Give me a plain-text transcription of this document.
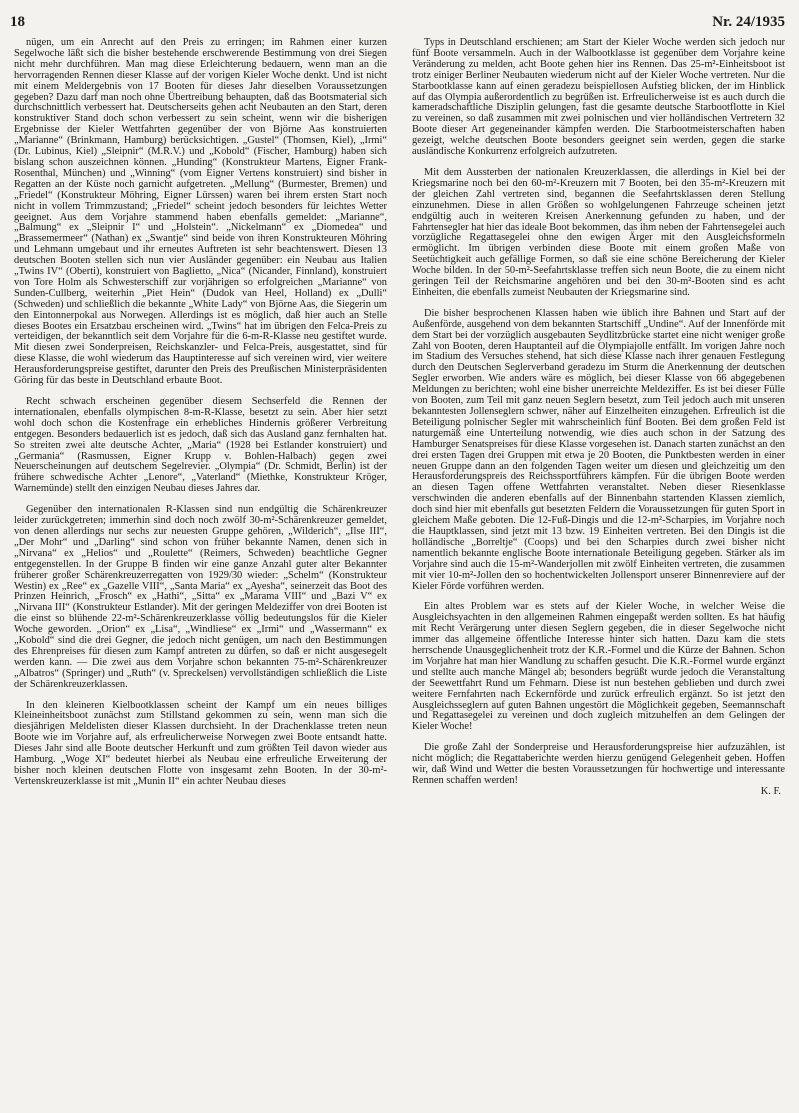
18	Nr. 24/1935

nügen, um ein Anrecht auf den Preis zu erringen; im Rahmen einer kurzen Segelwoche läßt sich die bisher bestehende erschwerende Bestimmung von drei Siegen nicht mehr durchführen. Man mag diese Erleichterung bedauern, wenn man an die hervorragenden Rennen dieser Klasse auf der vorigen Kieler Woche denkt. Und ist nicht mit einem Meldergebnis von 17 Booten für dieses Jahr dieselben Voraussetzungen gegeben? Dazu darf man noch ohne Übertreibung behaupten, daß das Bootsmaterial sich durchschnittlich verbessert hat. Deutscherseits gehen acht Neubauten an den Start, deren konstruktiver Stand doch schon verbessert zu sein scheint, wenn wir die bisherigen Ergebnisse der Kieler Wettfahrten gegenüber der von Björne Aas konstruierten „Marianne“ (Brinkmann, Hamburg) berücksichtigen. „Gustel“ (Thomsen, Kiel), „Irmi“ (Dr. Lubinus, Kiel) „Sleipnir“ (M.R.V.) und „Kobold“ (Fischer, Hamburg) haben sich bislang schon auszeichnen können. „Hunding“ (Konstrukteur Martens, Eigner Frank-Rosenthal, München) und „Winning“ (vom Eigner Vertens konstruiert) sind bisher in Regatten an der Küste noch garnicht aufgetreten. „Mellung“ (Burmester, Bremen) und „Friedel“ (Konstrukteur Möhring, Eigner Lürssen) waren bei ihrem ersten Start noch nicht in vollem Trimmzustand; „Friedel“ scheint jedoch besonders für leichtes Wetter geeignet. Aus dem Vorjahre stammend haben ebenfalls gemeldet: „Marianne“, „Balmung“ ex „Sleipnir I“ und „Holstein“. „Nickelmann“ ex „Diomedea“ und „Brassemermeer“ (Nathan) ex „Swantje“ sind beide von ihren Konstrukteuren Möhring und Lehmann umgebaut und ihr erneutes Auftreten ist sehr beachtenswert. Diesen 13 deutschen Booten stellen sich nun vier Ausländer gegenüber: ein Neubau aus Italien „Twins IV“ (Oberti), konstruiert von Baglietto, „Nica“ (Nicander, Finnland), konstruiert von Tore Holm als Schwesterschiff zur vorjährigen so erfolgreichen „Marianne“ von Sunden-Cullberg, weiterhin „Piet Hein“ (Dudok van Heel, Holland) ex „Dulli“ (Schweden) und schließlich die bekannte „White Lady“ von Björne Aas, die Siegerin um den Eintonnerpokal aus Norwegen. Allerdings ist es möglich, daß hier auch an Stelle dieses Bootes ein Ersatzbau erscheinen wird. „Twins“ hat im übrigen den Felca-Preis zu verteidigen, der bekanntlich seit dem Vorjahre für die 6-m-R-Klasse neu gestiftet wurde. Mit diesen zwei Sonderpreisen, Reichskanzler- und Felca-Preis, ausgestattet, sind für diese Klasse, die wohl wiederum das Hauptinteresse auf sich vereinen wird, vier weitere Herausforderungspreise gestiftet, darunter den Preis des Preußischen Ministerpräsidenten Göring für das beste in Deutschland erbaute Boot.

Recht schwach erscheinen gegenüber diesem Sechserfeld die Rennen der internationalen, ebenfalls olympischen 8-m-R-Klasse, besetzt zu sein. Aber hier setzt wohl doch schon die Kostenfrage ein erhebliches Hindernis größerer Verbreitung entgegen. Besonders bedauerlich ist es jedoch, daß sich das Ausland ganz fernhalten hat. So streiten zwei alte deutsche Achter, „Maria“ (1928 bei Estlander konstruiert) und „Germania“ (Rasmussen, Eigner Krupp v. Bohlen-Halbach) gegen zwei Neuerscheinungen auf deutschem Segelrevier. „Olympia“ (Dr. Schmidt, Berlin) ist der frühere schwedische Achter „Lenore“, „Vaterland“ (Miethke, Konstrukteur Kröger, Warnemünde) stellt den einzigen Neubau dieses Jahres dar.

Gegenüber den internationalen R-Klassen sind nun endgültig die Schärenkreuzer leider zurückgetreten; immerhin sind doch noch zwölf 30-m²-Schärenkreuzer gemeldet, von denen allerdings nur sechs zur neuesten Gruppe gehören, „Wilderich“, „Ilse III“, „Der Mohr“ und „Darling“ sind schon von früher bekannte Namen, denen sich in „Nirvana“ ex „Helios“ und „Roulette“ (Reimers, Schweden) beachtliche Gegner entgegenstellen. In der Gruppe B finden wir eine ganze Anzahl guter alter Bekannter früherer großer Schärenkreuzerregatten von 1929/30 wieder: „Schelm“ (Konstrukteur Westin) ex „Ree“ ex „Gazelle VIII“, „Santa Maria“ ex „Ayesha“, seinerzeit das Boot des Prinzen Heinrich, „Frosch“ ex „Hathi“, „Sitta“ ex „Marama VIII“ und „Bazi V“ ex „Nirvana III“ (Konstrukteur Estlander). Mit der geringen Meldeziffer von drei Booten ist die einst so blühende 22-m²-Schärenkreuzerklasse völlig bedeutungslos für die Kieler Woche geworden. „Orion“ ex „Lisa“, „Windliese“ ex „Irmi“ und „Wassermann“ ex „Kobold“ sind die drei Gegner, die jedoch nicht genügen, um nach den Bestimmungen des Ehrenpreises für diesen zum Kampf antreten zu dürfen, so daß er nicht ausgesegelt werden kann. — Die zwei aus dem Vorjahre schon bekannten 75-m²-Schärenkreuzer „Albatros“ (Springer) und „Ruth“ (v. Spreckelsen) vervollständigen schließlich die Liste der Schärenkreuzerklassen.

In den kleineren Kielbootklassen scheint der Kampf um ein neues billiges Kleineinheitsboot zunächst zum Stillstand gekommen zu sein, wenn man sich die diesjährigen Meldelisten dieser Klassen durchsieht. In der Drachenklasse treten neun Boote wie im Vorjahre auf, als erfreulicherweise Norwegen zwei Boote entsandt hatte. Dieses Jahr sind alle Boote deutscher Herkunft und zum größten Teil davon wieder aus Hamburg. „Woge XI“ bedeutet hierbei als Neubau eine erfreuliche Erweiterung der bisher noch kleinen deutschen Flotte von insgesamt zehn Booten. In der 30-m²-Vertenskreuzerklasse ist mit „Munin II“ ein achter Neubau dieses

Typs in Deutschland erschienen; am Start der Kieler Woche werden sich jedoch nur fünf Boote versammeln. Auch in der Walbootklasse ist gegenüber dem Vorjahre keine Veränderung zu melden, acht Boote gehen hier ins Rennen. Das 25-m²-Einheitsboot ist trotz einiger Berliner Neubauten wiederum nicht auf der Kieler Woche vertreten. Nur die Starbootklasse kann auf einen geradezu beispiellosen Aufstieg blicken, der im Hinblick auf das Olympia außerordentlich zu begrüßen ist. Erfreulicherweise ist es auch durch die kameradschaftliche Disziplin gelungen, fast die gesamte deutsche Starbootflotte in Kiel zu vereinen, so daß zusammen mit zwei polnischen und vier holländischen Vertretern 32 Boote dieser Art gegeneinander kämpfen werden. Die Starbootmeisterschaften haben gezeigt, welche deutschen Boote besonders geeignet sein werden, gegen die starke ausländische Konkurrenz erfolgreich aufzutreten.

Mit dem Aussterben der nationalen Kreuzerklassen, die allerdings in Kiel bei der Kriegsmarine noch bei den 60-m²-Kreuzern mit 7 Booten, bei den 35-m²-Kreuzern mit der gleichen Zahl vertreten sind, begannen die Seefahrtsklassen deren Stellung einzunehmen. Diese in allen Größen so wohlgelungenen Fahrzeuge scheinen jetzt endgültig auch in weiteren Kreisen Anerkennung gefunden zu haben, und der Fahrtensegler hat hier das ideale Boot bekommen, das ihm neben der Fahrtensegelei auch vorzügliche Regattasegelei ohne den ewigen Ärger mit den Ausgleichsformeln ermöglicht. Im übrigen verbinden diese Boote mit einem großen Maße von Seetüchtigkeit auch gefällige Formen, so daß sie eine schöne Bereicherung der Kieler Woche bilden. In der 50-m²-Seefahrtsklasse treffen sich neun Boote, die zu einem nicht geringen Teil der Reichsmarine angehören und bei den 30-m²-Booten sind es acht Einheiten, die ebenfalls zumeist Neubauten der Kriegsmarine sind.

Die bisher besprochenen Klassen haben wie üblich ihre Bahnen und Start auf der Außenförde, ausgehend von dem bekannten Startschiff „Undine“. Auf der Innenförde mit dem Start bei der vorzüglich ausgebauten Seydlitzbrücke startet eine nicht weniger große Zahl von Booten, deren Hauptanteil auf die Olympiajolle entfällt. Im vorigen Jahre noch im Stadium des Versuches stehend, hat sich diese Klasse nach ihrer genauen Festlegung durch den Deutschen Seglerverband geradezu im Sturm die Anerkennung der deutschen Segler erworben. Wie anders wäre es möglich, bei dieser Klasse von 66 abgegebenen Meldungen zu berichten; wohl eine bisher unerreichte Meldeziffer. Es ist bei dieser Fülle von Booten, zum Teil mit ganz neuen Seglern besetzt, zum Teil jedoch auch mit unseren bekanntesten Jollenseglern schwer, näher auf Einzelheiten einzugehen. Erfreulich ist die Beteiligung polnischer Segler mit wahrscheinlich fünf Booten. Bei dem großen Feld ist naturgemäß eine Unterteilung notwendig, wie dies auch schon in der Satzung des Hamburger Senatspreises für diese Klasse vorgesehen ist. Danach starten zunächst an den drei ersten Tagen drei Gruppen mit etwa je 20 Booten, die Punktbesten werden in einer neuen Gruppe dann an den folgenden Tagen weiter um diesen und gleichzeitig um den Herausforderungspreis des Reichssportführers kämpfen. Für die übrigen Boote werden an diesen Tagen offene Wettfahrten veranstaltet. Neben dieser Riesenklasse verschwinden die anderen ebenfalls auf der Binnenbahn startenden Klassen ziemlich, doch sind hier mit ebenfalls gut besetzten Feldern die Voraussetzungen für guten Sport in gleichem Maße geboten. Die 12-Fuß-Dingis und die 12-m²-Scharpies, im Vorjahre noch die Hauptklassen, sind jetzt mit 13 bzw. 19 Einheiten vertreten. Bei den Dingis ist die holländische „Borreltje“ (Coops) und bei den Scharpies durch zwei bisher nicht namentlich bekannte englische Boote internationale Beteiligung gegeben. Stärker als im Vorjahre sind auch die 15-m²-Wanderjollen mit zwölf Einheiten vertreten, die zusammen mit vier 10-m²-Jollen den so hochentwickelten Jollensport unserer Binnenreviere auf der Kieler Förde vorführen werden.

Ein altes Problem war es stets auf der Kieler Woche, in welcher Weise die Ausgleichsyachten in den allgemeinen Rahmen eingepaßt werden sollten. Es hat häufig mit Recht Verärgerung unter diesen Seglern gegeben, die in dieser Segelwoche nicht immer das allgemeine öffentliche Interesse hinter sich hatten. Dazu kam die stets herrschende Unausgeglichenheit trotz der K.R.-Formel und die Kürze der Bahnen. Schon im Vorjahre hat man hier Wandlung zu schaffen gesucht. Die K.R.-Formel wurde ergänzt und stellte auch manche Mängel ab; besonders begrüßt wurde jedoch die Veranstaltung der Seewettfahrt Rund um Fehmarn. Diese ist nun bestehen geblieben und durch zwei weitere Fernfahrten nach Eckernförde und zurück erfreulich ergänzt. So ist jetzt den Ausgleichsseglern auf guten Bahnen ungestört die Möglichkeit gegeben, Seemannschaft und Regattasegelei zu vereinen und doch zugleich mitzuhelfen an dem Gelingen der Kieler Woche!

Die große Zahl der Sonderpreise und Herausforderungspreise hier aufzuzählen, ist nicht möglich; die Regattaberichte werden hierzu genügend Gelegenheit geben. Hoffen wir, daß Wind und Wetter die besten Voraussetzungen für hochwertige und interessante Rennen schaffen werden!

K. F.
